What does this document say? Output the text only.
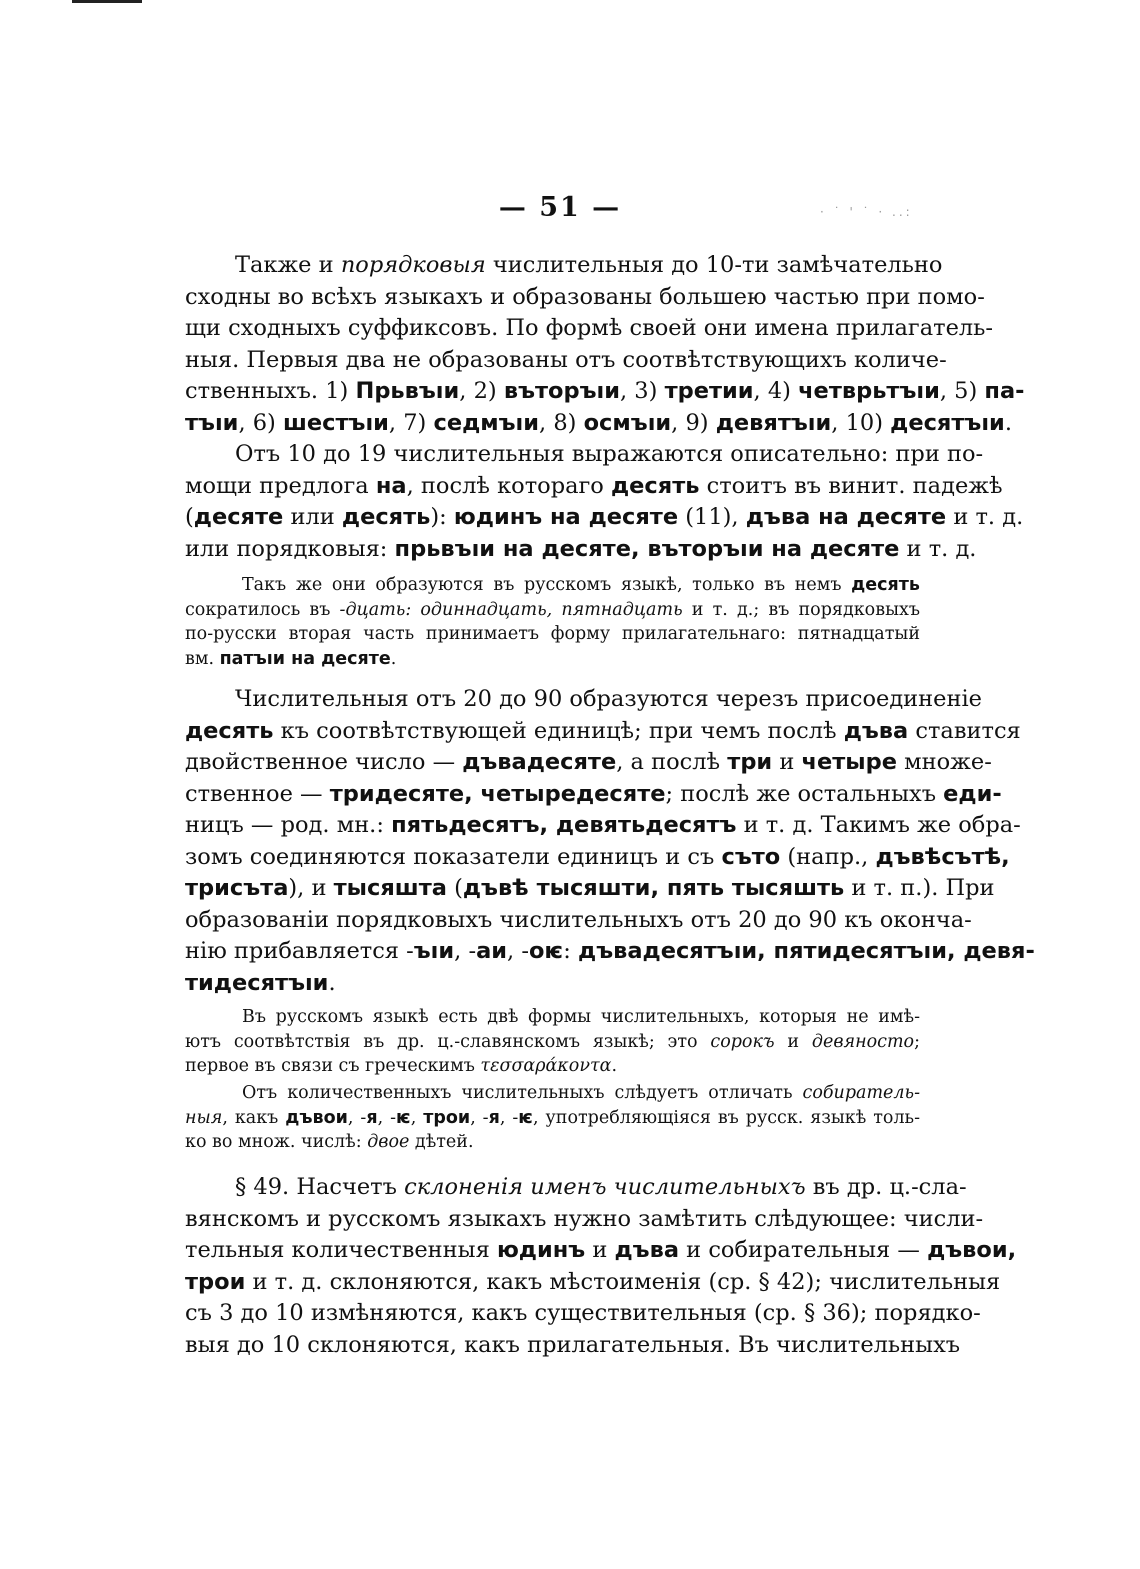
· ˙ ' ˙ · ..:
— 51 —
Также и порядковыя числительныя до 10-ти замѣчательно
сходны во всѣхъ языкахъ и образованы большею частью при помо-
щи сходныхъ суффиксовъ. По формѣ своей они имена прилагатель-
ныя. Первыя два не образованы отъ соотвѣтствующихъ количе-
ственныхъ. 1) Прьвъıи, 2) въторъıи, 3) третии, 4) четврьтъıи, 5) па-
тъıи, 6) шестъıи, 7) седмъıи, 8) осмъıи, 9) девятъıи, 10) десятъıи.
Отъ 10 до 19 числительныя выражаются описательно: при по-
мощи предлога на, послѣ котораго десять стоитъ въ винит. падежѣ
(десяте или десять): юдинъ на десяте (11), дъва на десяте и т. д.
или порядковыя: прьвъıи на десяте, въторъıи на десяте и т. д.
Такъ же они образуются въ русскомъ языкѣ, только въ немъ десять
сократилось въ -дцать: одиннадцать, пятнадцать и т. д.; въ порядковыхъ
по-русски вторая часть принимаетъ форму прилагательнаго: пятнадцатый
вм. патъıи на десяте.
Числительныя отъ 20 до 90 образуются черезъ присоединеніе
десять къ соотвѣтствующей единицѣ; при чемъ послѣ дъва ставится
двойственное число — дъвадесяте, а послѣ три и четыре множе-
ственное — тридесяте, четыредесяте; послѣ же остальныхъ еди-
ницъ — род. мн.: пятьдесятъ, девятьдесятъ и т. д. Такимъ же обра-
зомъ соединяются показатели единицъ и съ съто (напр., дъвѣсътѣ,
трисъта), и тысяшта (дъвѣ тысяшти, пять тысяшть и т. п.). При
образованіи порядковыхъ числительныхъ отъ 20 до 90 къ оконча-
нію прибавляется -ъıи, -аи, -оѥ: дъвадесятъıи, пятидесятъıи, девя-
тидесятъıи.
Въ русскомъ языкѣ есть двѣ формы числительныхъ, которыя не имѣ-
ютъ соотвѣтствія въ др. ц.-славянскомъ языкѣ; это сорокъ и девяносто;
первое въ связи съ греческимъ τεσσαράκοντα.
Отъ количественныхъ числительныхъ слѣдуетъ отличать собиратель-
ныя, какъ дъвои, -я, -ѥ, трои, -я, -ѥ, употребляющіяся въ русск. языкѣ толь-
ко во множ. числѣ: двое дѣтей.
§ 49. Насчетъ склоненія именъ числительныхъ въ др. ц.-сла-
вянскомъ и русскомъ языкахъ нужно замѣтить слѣдующее: числи-
тельныя количественныя юдинъ и дъва и собирательныя — дъвои,
трои и т. д. склоняются, какъ мѣстоименія (ср. § 42); числительныя
съ 3 до 10 измѣняются, какъ существительныя (ср. § 36); порядко-
выя до 10 склоняются, какъ прилагательныя. Въ числительныхъ
